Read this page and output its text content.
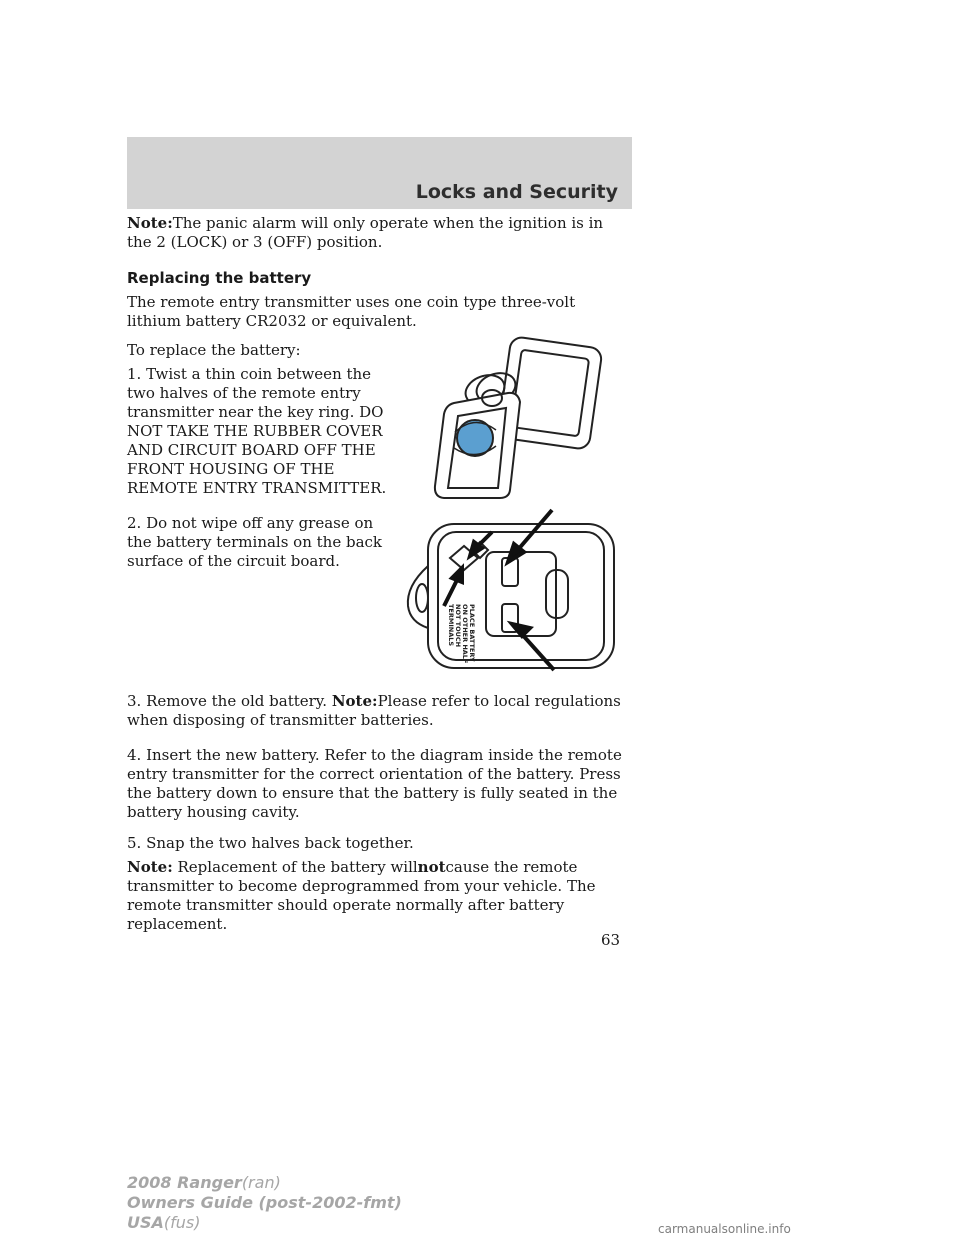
Locks and Security

Note:The panic alarm will only operate when the ignition is in the 2 (LOCK) or 3 (OFF) position.

Replacing the battery

The remote entry transmitter uses one coin type three-volt lithium battery CR2032 or equivalent.

To replace the battery:

1. Twist a thin coin between the two halves of the remote entry transmitter near the key ring. DO NOT TAKE THE RUBBER COVER AND CIRCUIT BOARD OFF THE FRONT HOUSING OF THE REMOTE ENTRY TRANSMITTER.

2. Do not wipe off any grease on the battery terminals on the back surface of the circuit board.

PLACE BATTERY
ON OTHER HALF
NOT TOUCH
TERMINALS

3. Remove the old battery. Note:Please refer to local regulations when disposing of transmitter batteries.

4. Insert the new battery. Refer to the diagram inside the remote entry transmitter for the correct orientation of the battery. Press the battery down to ensure that the battery is fully seated in the battery housing cavity.

5. Snap the two halves back together.

Note: Replacement of the battery willnotcause the remote transmitter to become deprogrammed from your vehicle. The remote transmitter should operate normally after battery replacement.

63
2008 Ranger(ran)
Owners Guide (post-2002-fmt)
USA(fus)	carmanualsonline.info
